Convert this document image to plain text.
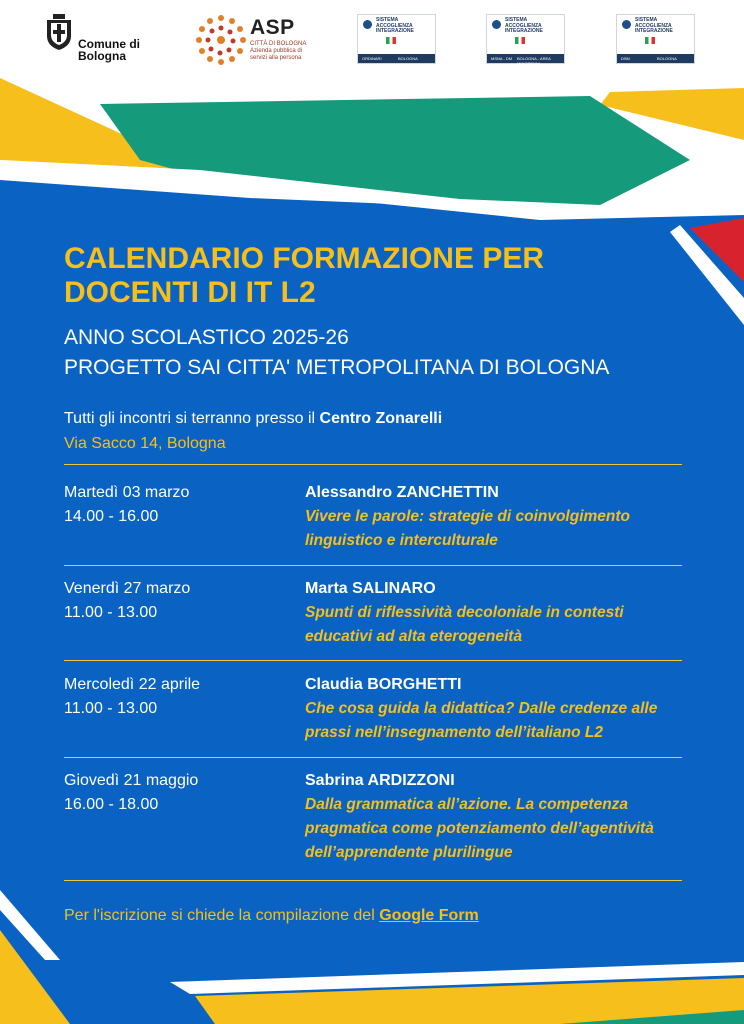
Comune di Bologna
ASP
CITTÀ DI BOLOGNA
Azienda pubblica di servizi alla persona
SISTEMA ACCOGLIENZA INTEGRAZIONE
ORDINARI	BOLOGNA
SISTEMA ACCOGLIENZA INTEGRAZIONE
MSNA - DM BOLOGNA - AREA MINORENNI
SISTEMA ACCOGLIENZA INTEGRAZIONE
DSM	BOLOGNA
CALENDARIO FORMAZIONE PER DOCENTI DI IT L2
ANNO SCOLASTICO 2025-26
PROGETTO SAI CITTA' METROPOLITANA DI BOLOGNA
Tutti gli incontri si terranno presso il Centro Zonarelli
Via Sacco 14, Bologna
Martedì 03 marzo
14.00 - 16.00
Alessandro ZANCHETTIN
Vivere le parole: strategie di coinvolgimento linguistico e interculturale
Venerdì 27 marzo
11.00 - 13.00
Marta SALINARO
Spunti di riflessività decoloniale in contesti educativi ad alta eterogeneità
Mercoledì 22 aprile
11.00 - 13.00
Claudia BORGHETTI
Che cosa guida la didattica? Dalle credenze alle prassi nell’insegnamento dell’italiano L2
Giovedì 21 maggio
16.00 - 18.00
Sabrina ARDIZZONI
Dalla grammatica all’azione. La competenza pragmatica come potenziamento dell’agentività dell’apprendente plurilingue
Per l'iscrizione si chiede la compilazione del Google Form
